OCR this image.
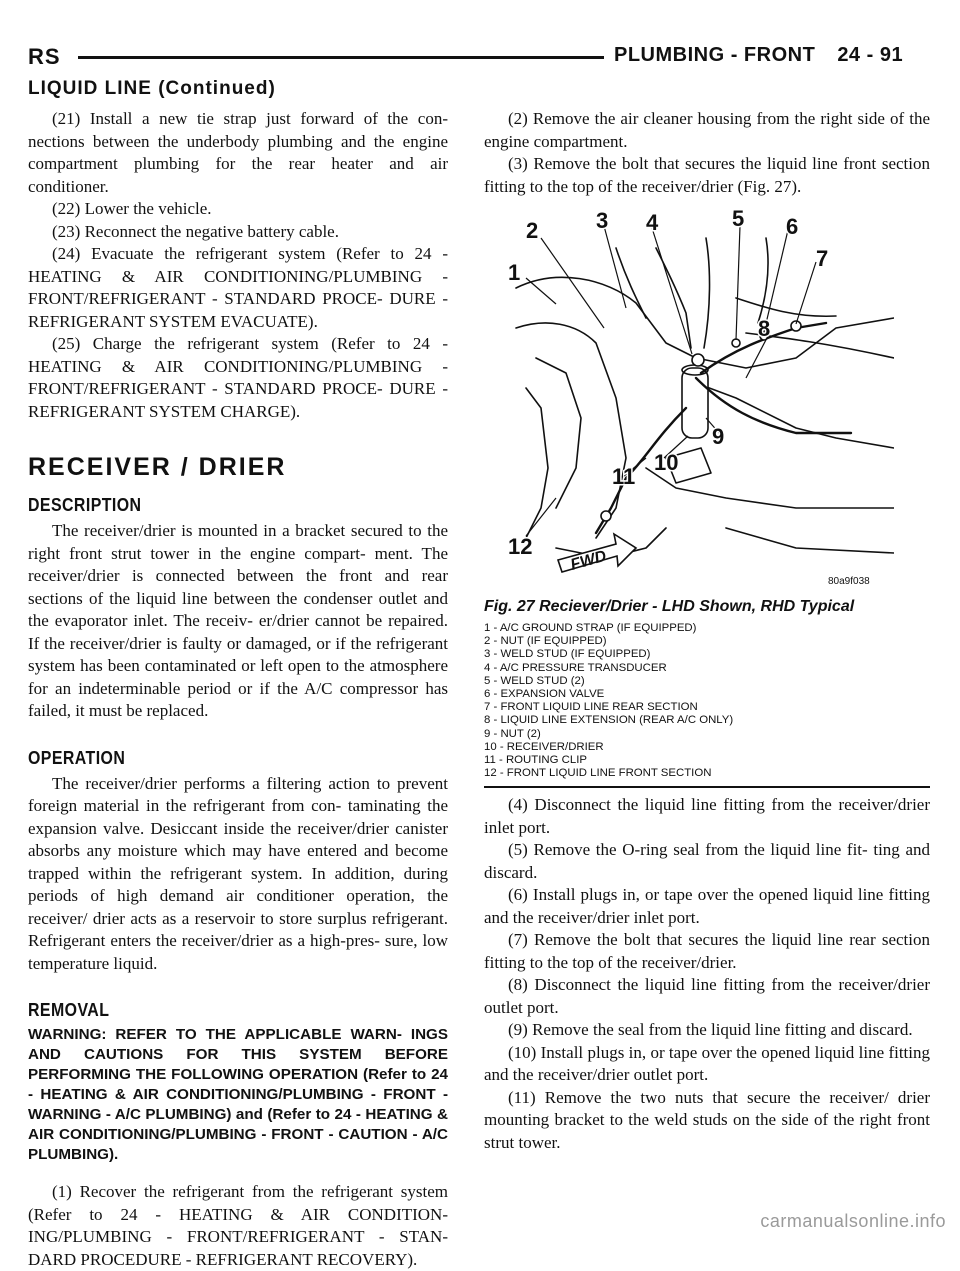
RS	PLUMBING - FRONT 24 - 91
LIQUID LINE (Continued)

(21) Install a new tie strap just forward of the con- nections between the underbody plumbing and the engine compartment plumbing for the rear heater and air conditioner.

(22) Lower the vehicle.

(23) Reconnect the negative battery cable.

(24) Evacuate the refrigerant system (Refer to 24 - HEATING & AIR CONDITIONING/PLUMBING - FRONT/REFRIGERANT - STANDARD PROCE- DURE - REFRIGERANT SYSTEM EVACUATE).

(25) Charge the refrigerant system (Refer to 24 - HEATING & AIR CONDITIONING/PLUMBING - FRONT/REFRIGERANT - STANDARD PROCE- DURE - REFRIGERANT SYSTEM CHARGE).

RECEIVER / DRIER
DESCRIPTION

The receiver/drier is mounted in a bracket secured to the right front strut tower in the engine compart- ment. The receiver/drier is connected between the front and rear sections of the liquid line between the condenser outlet and the evaporator inlet. The receiv- er/drier cannot be repaired. If the receiver/drier is faulty or damaged, or if the refrigerant system has been contaminated or left open to the atmosphere for an indeterminable period or if the A/C compressor has failed, it must be replaced.

OPERATION

The receiver/drier performs a filtering action to prevent foreign material in the refrigerant from con- taminating the expansion valve. Desiccant inside the receiver/drier canister absorbs any moisture which may have entered and become trapped within the refrigerant system. In addition, during periods of high demand air conditioner operation, the receiver/ drier acts as a reservoir to store surplus refrigerant. Refrigerant enters the receiver/drier as a high-pres- sure, low temperature liquid.

REMOVAL
WARNING: REFER TO THE APPLICABLE WARN- INGS AND CAUTIONS FOR THIS SYSTEM BEFORE PERFORMING THE FOLLOWING OPERATION (Refer to 24 - HEATING & AIR CONDITIONING/PLUMBING - FRONT - WARNING - A/C PLUMBING) and (Refer to 24 - HEATING & AIR CONDITIONING/PLUMBING - FRONT - CAUTION - A/C PLUMBING).

(1) Recover the refrigerant from the refrigerant system (Refer to 24 - HEATING & AIR CONDITION- ING/PLUMBING - FRONT/REFRIGERANT - STAN- DARD PROCEDURE - REFRIGERANT RECOVERY).

(2) Remove the air cleaner housing from the right side of the engine compartment.

(3) Remove the bolt that secures the liquid line front section fitting to the top of the receiver/drier (Fig. 27).

1
2	3 4	5 6
7
8
9
10
11
12
FWD
80a9f038
Fig. 27 Reciever/Drier - LHD Shown, RHD Typical
1 - A/C GROUND STRAP (IF EQUIPPED)
2 - NUT (IF EQUIPPED)
3 - WELD STUD (IF EQUIPPED)
4 - A/C PRESSURE TRANSDUCER
5 - WELD STUD (2)
6 - EXPANSION VALVE
7 - FRONT LIQUID LINE REAR SECTION
8 - LIQUID LINE EXTENSION (REAR A/C ONLY)
9 - NUT (2)
10 - RECEIVER/DRIER
11 - ROUTING CLIP
12 - FRONT LIQUID LINE FRONT SECTION

(4) Disconnect the liquid line fitting from the receiver/drier inlet port.

(5) Remove the O-ring seal from the liquid line fit- ting and discard.

(6) Install plugs in, or tape over the opened liquid line fitting and the receiver/drier inlet port.

(7) Remove the bolt that secures the liquid line rear section fitting to the top of the receiver/drier.

(8) Disconnect the liquid line fitting from the receiver/drier outlet port.

(9) Remove the seal from the liquid line fitting and discard.

(10) Install plugs in, or tape over the opened liquid line fitting and the receiver/drier outlet port.

(11) Remove the two nuts that secure the receiver/ drier mounting bracket to the weld studs on the side of the right front strut tower.

carmanualsonline.info
